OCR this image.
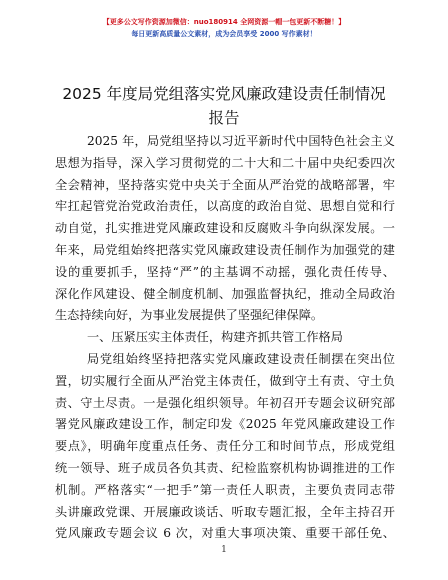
【更多公文写作资源加微信：nuo180914 全网资源一帽一包更新不断糖！】
每日更新高质量公文素材，成为会员享受 2000 写作素材！
2025 年度局党组落实党风廉政建设责任制情况
报告
2025 年，局党组坚持以习近平新时代中国特色社会主义
思想为指导，深入学习贯彻党的二十大和二十届中央纪委四次
全会精神，坚持落实党中央关于全面从严治党的战略部署，牢
牢扛起管党治党政治责任，以高度的政治自觉、思想自觉和行
动自觉，扎实推进党风廉政建设和反腐败斗争向纵深发展。一
年来，局党组始终把落实党风廉政建设责任制作为加强党的建
设的重要抓手，坚持“严”的主基调不动摇，强化责任传导、
深化作风建设、健全制度机制、加强监督执纪，推动全局政治
生态持续向好，为事业发展提供了坚强纪律保障。
一、压紧压实主体责任，构建齐抓共管工作格局
局党组始终坚持把落实党风廉政建设责任制摆在突出位
置，切实履行全面从严治党主体责任，做到守土有责、守土负
责、守土尽责。一是强化组织领导。年初召开专题会议研究部
署党风廉政建设工作，制定印发《2025 年党风廉政建设工作
要点》，明确年度重点任务、责任分工和时间节点，形成党组
统一领导、班子成员各负其责、纪检监察机构协调推进的工作
机制。严格落实“一把手”第一责任人职责，主要负责同志带
头讲廉政党课、开展廉政谈话、听取专题汇报，全年主持召开
党风廉政专题会议 6 次，对重大事项决策、重要干部任免、
1
